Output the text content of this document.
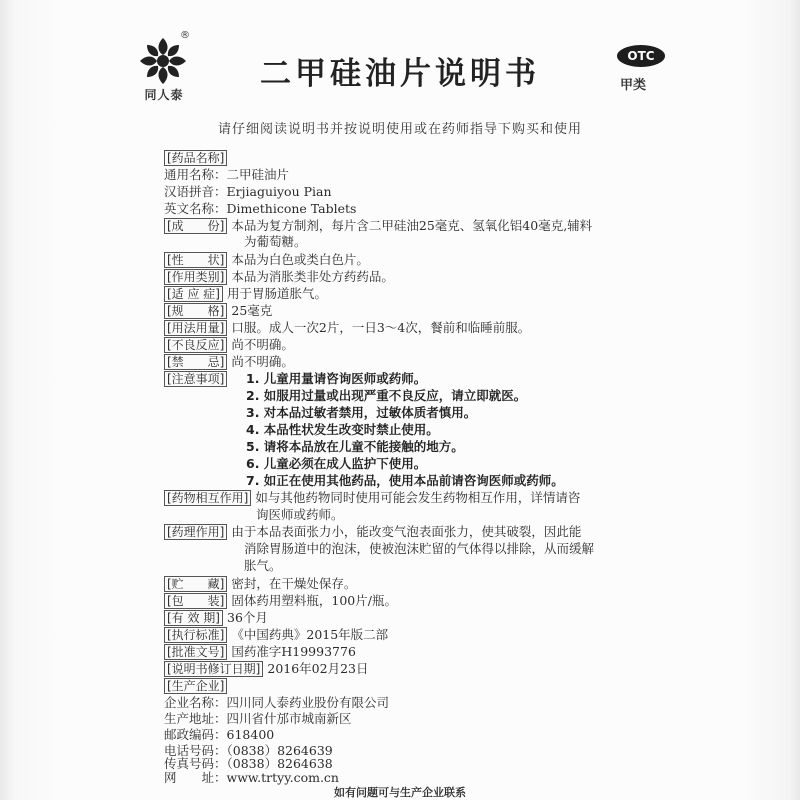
®
同人泰
二甲硅油片说明书	OTC
甲类
请仔细阅读说明书并按说明使用或在药师指导下购买和使用
[药品名称]
通用名称：二甲硅油片
汉语拼音：Erjiaguiyou Pian
英文名称：Dimethicone Tablets
[成　　份] 本品为复方制剂，每片含二甲硅油25毫克、氢氧化铝40毫克,辅料
为葡萄糖。
[性　　状] 本品为白色或类白色片。
[作用类别] 本品为消胀类非处方药药品。
[适 应 症] 用于胃肠道胀气。
[规　　格] 25毫克
[用法用量] 口服。成人一次2片，一日3～4次，餐前和临睡前服。
[不良反应] 尚不明确。
[禁　　忌] 尚不明确。
[注意事项]	1. 儿童用量请咨询医师或药师。
2. 如服用过量或出现严重不良反应，请立即就医。
3. 对本品过敏者禁用，过敏体质者慎用。
4. 本品性状发生改变时禁止使用。
5. 请将本品放在儿童不能接触的地方。
6. 儿童必须在成人监护下使用。
7. 如正在使用其他药品，使用本品前请咨询医师或药师。
[药物相互作用] 如与其他药物同时使用可能会发生药物相互作用，详情请咨
询医师或药师。
[药理作用] 由于本品表面张力小，能改变气泡表面张力，使其破裂，因此能
消除胃肠道中的泡沫，使被泡沫贮留的气体得以排除，从而缓解
胀气。
[贮　　藏] 密封，在干燥处保存。
[包　　装] 固体药用塑料瓶，100片/瓶。
[有 效 期] 36个月
[执行标准] 《中国药典》2015年版二部
[批准文号] 国药准字H19993776
[说明书修订日期] 2016年02月23日
[生产企业]
企业名称：四川同人泰药业股份有限公司
生产地址：四川省什邡市城南新区
邮政编码：618400
电话号码：（0838）8264639
如有问题可与生产企业联系
传真号码：（0838）8264638
网　　址：www.trtyy.com.cn
